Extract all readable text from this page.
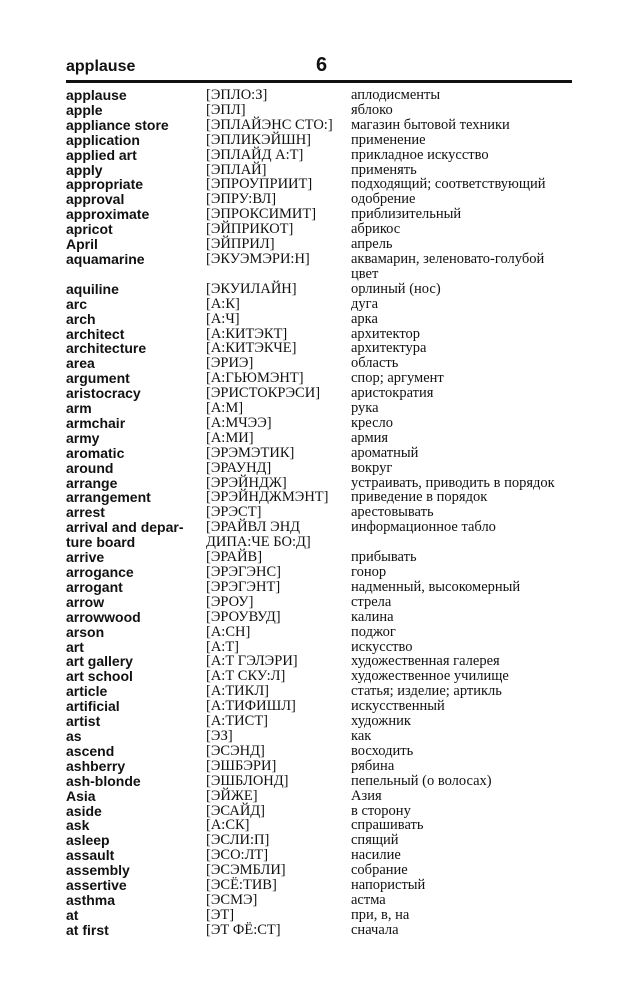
applause	6
applause	[ЭПЛО:З]	аплодисменты
apple	[ЭПЛ]	яблоко
appliance store	[ЭПЛАЙЭНС СТО:]	магазин бытовой техники
application	[ЭПЛИКЭЙШН]	применение
applied art	[ЭПЛАЙД А:Т]	прикладное искусство
apply	[ЭПЛАЙ]	применять
appropriate	[ЭПРОУПРИИТ]	подходящий; соответствующий
approval	[ЭПРУ:ВЛ]	одобрение
approximate	[ЭПРОКСИМИТ]	приблизительный
apricot	[ЭЙПРИКОТ]	абрикос
April	[ЭЙПРИЛ]	апрель
aquamarine	[ЭКУЭМЭРИ:Н]	аквамарин, зеленовато-голубой
цвет
aquiline	[ЭКУИЛАЙН]	орлиный (нос)
arc	[А:К]	дуга
arch	[А:Ч]	арка
architect	[А:КИТЭКТ]	архитектор
architecture	[А:КИТЭКЧЕ]	архитектура
area	[ЭРИЭ]	область
argument	[А:ГЬЮМЭНТ]	спор; аргумент
aristocracy	[ЭРИСТОКРЭСИ]	аристократия
arm	[А:М]	рука
armchair	[А:МЧЭЭ]	кресло
army	[А:МИ]	армия
aromatic	[ЭРЭМЭТИК]	ароматный
around	[ЭРАУНД]	вокруг
arrange	[ЭРЭЙНДЖ]	устраивать, приводить в порядок
arrangement	[ЭРЭЙНДЖМЭНТ]	приведение в порядок
arrest	[ЭРЭСТ]	арестовывать
arrival and depar-	[ЭРАЙВЛ ЭНД	информационное табло
ture board	ДИПА:ЧЕ БО:Д]
arrive	[ЭРАЙВ]	прибывать
arrogance	[ЭРЭГЭНС]	гонор
arrogant	[ЭРЭГЭНТ]	надменный, высокомерный
arrow	[ЭРОУ]	стрела
arrowwood	[ЭРОУВУД]	калина
arson	[А:СН]	поджог
art	[А:Т]	искусство
art gallery	[А:Т ГЭЛЭРИ]	художественная галерея
art school	[А:Т СКУ:Л]	художественное училище
article	[А:ТИКЛ]	статья; изделие; артикль
artificial	[А:ТИФИШЛ]	искусственный
artist	[А:ТИСТ]	художник
as	[ЭЗ]	как
ascend	[ЭСЭНД]	восходить
ashberry	[ЭШБЭРИ]	рябина
ash-blonde	[ЭШБЛОНД]	пепельный (о волосах)
Asia	[ЭЙЖЕ]	Азия
aside	[ЭСАЙД]	в сторону
ask	[А:СК]	спрашивать
asleep	[ЭСЛИ:П]	спящий
assault	[ЭСО:ЛТ]	насилие
assembly	[ЭСЭМБЛИ]	собрание
assertive	[ЭСЁ:ТИВ]	напористый
asthma	[ЭСМЭ]	астма
at	[ЭТ]	при, в, на
at first	[ЭТ ФЁ:СТ]	сначала
